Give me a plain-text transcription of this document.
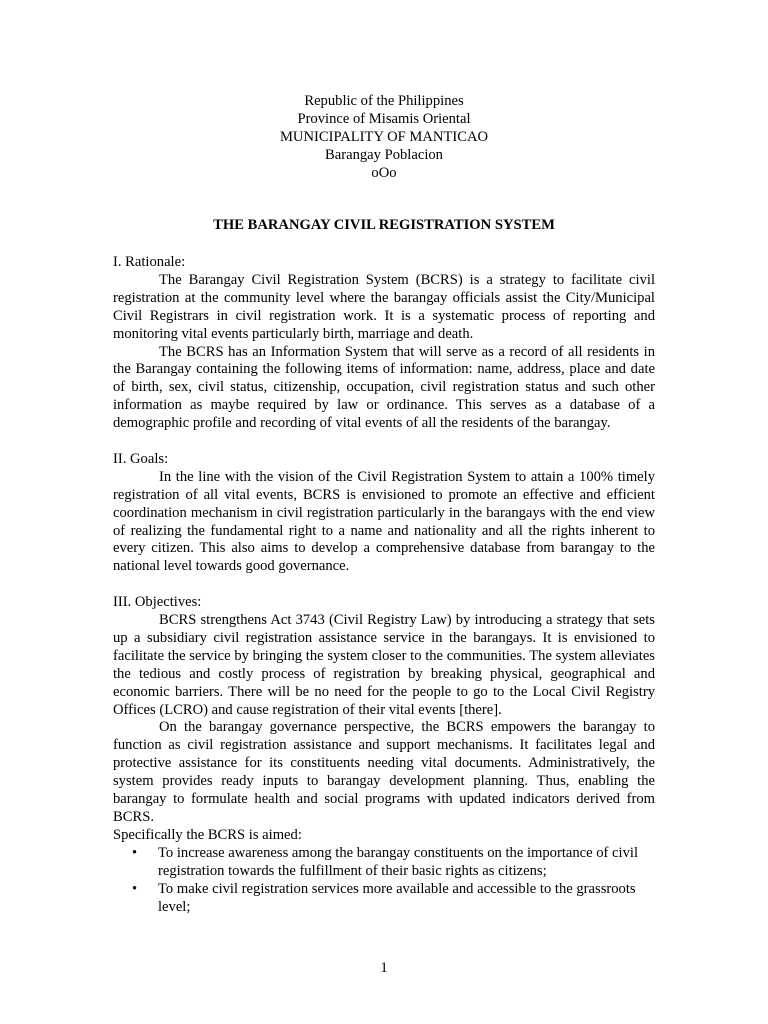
Republic of the Philippines
Province of Misamis Oriental
MUNICIPALITY OF MANTICAO
Barangay Poblacion
oOo
THE BARANGAY CIVIL REGISTRATION SYSTEM
I. Rationale:

The Barangay Civil Registration System (BCRS) is a strategy to facilitate civil registration at the community level where the barangay officials assist the City/Municipal Civil Registrars in civil registration work. It is a systematic process of reporting and monitoring vital events particularly birth, marriage and death.

The BCRS has an Information System that will serve as a record of all residents in the Barangay containing the following items of information: name, address, place and date of birth, sex, civil status, citizenship, occupation, civil registration status and such other information as maybe required by law or ordinance. This serves as a database of a demographic profile and recording of vital events of all the residents of the barangay.

II. Goals:

In the line with the vision of the Civil Registration System to attain a 100% timely registration of all vital events, BCRS is envisioned to promote an effective and efficient coordination mechanism in civil registration particularly in the barangays with the end view of realizing the fundamental right to a name and nationality and all the rights inherent to every citizen. This also aims to develop a comprehensive database from barangay to the national level towards good governance.

III. Objectives:

BCRS strengthens Act 3743 (Civil Registry Law) by introducing a strategy that sets up a subsidiary civil registration assistance service in the barangays. It is envisioned to facilitate the service by bringing the system closer to the communities. The system alleviates the tedious and costly process of registration by breaking physical, geographical and economic barriers. There will be no need for the people to go to the Local Civil Registry Offices (LCRO) and cause registration of their vital events [there].

On the barangay governance perspective, the BCRS empowers the barangay to function as civil registration assistance and support mechanisms. It facilitates legal and protective assistance for its constituents needing vital documents. Administratively, the system provides ready inputs to barangay development planning. Thus, enabling the barangay to formulate health and social programs with updated indicators derived from BCRS.

Specifically the BCRS is aimed:

• To increase awareness among the barangay constituents on the importance of civil registration towards the fulfillment of their basic rights as citizens;
• To make civil registration services more available and accessible to the grassroots level;
1
